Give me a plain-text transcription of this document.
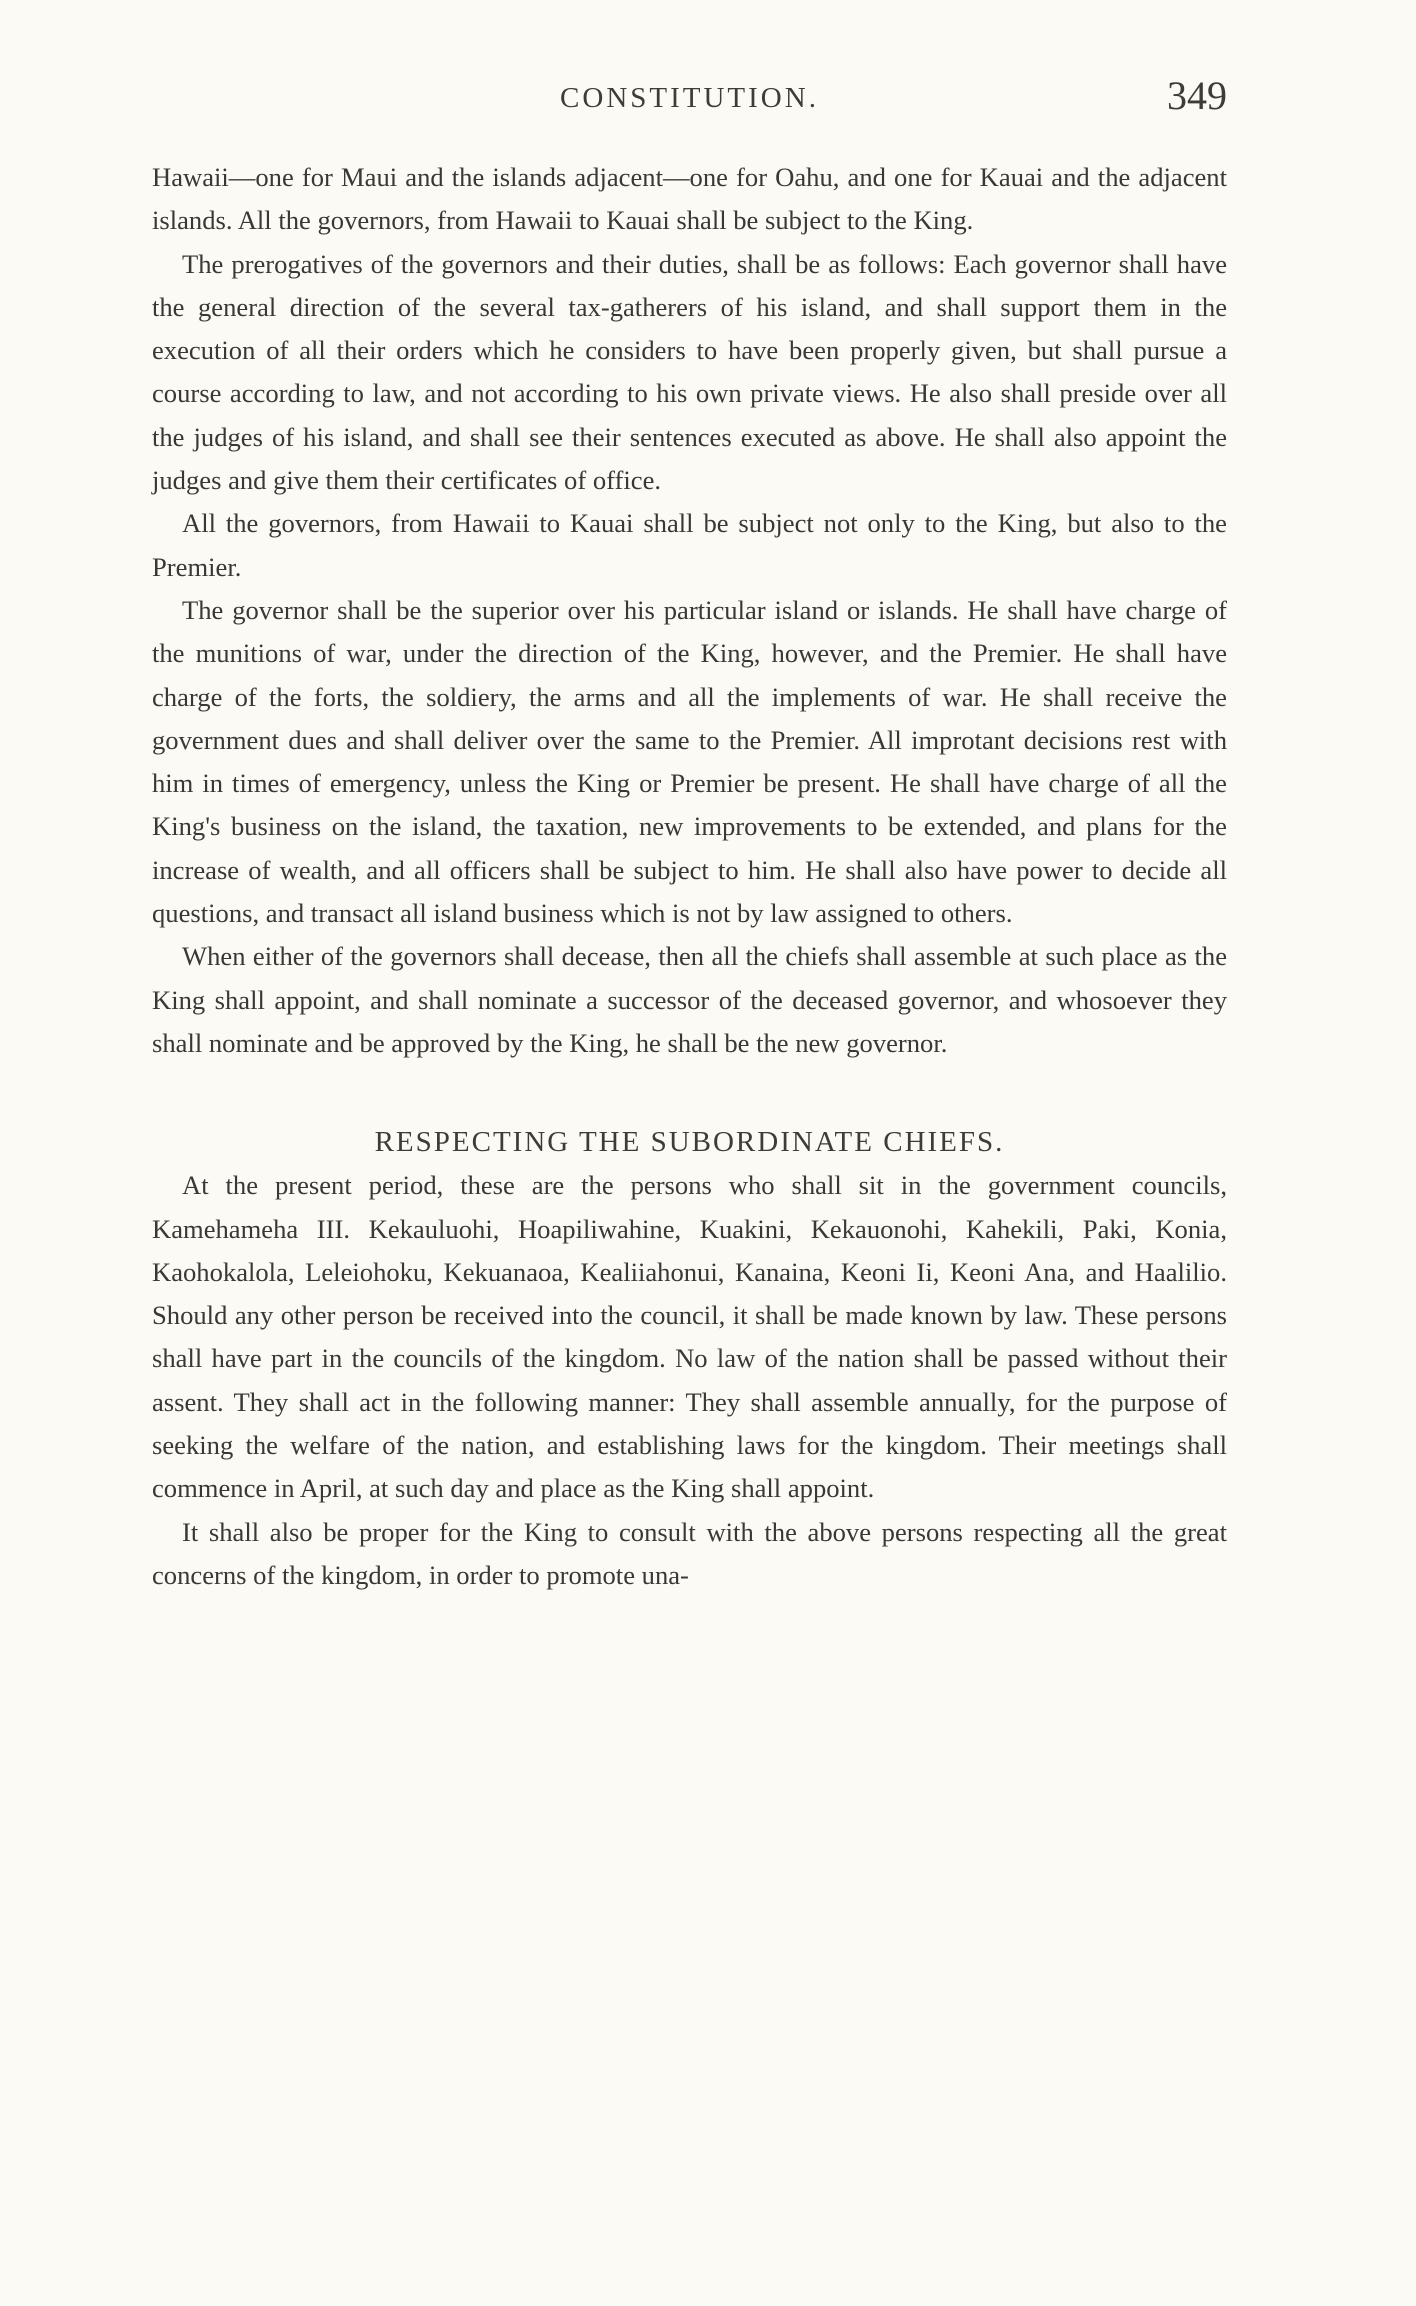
CONSTITUTION.	349

Hawaii—one for Maui and the islands adjacent—one for Oahu, and one for Kauai and the adjacent islands. All the governors, from Hawaii to Kauai shall be subject to the King.

The prerogatives of the governors and their duties, shall be as follows: Each governor shall have the general direction of the several tax-gatherers of his island, and shall support them in the execution of all their orders which he considers to have been properly given, but shall pursue a course according to law, and not according to his own private views. He also shall preside over all the judges of his island, and shall see their sentences executed as above. He shall also appoint the judges and give them their certificates of office.

All the governors, from Hawaii to Kauai shall be subject not only to the King, but also to the Premier.

The governor shall be the superior over his particular island or islands. He shall have charge of the munitions of war, under the direction of the King, however, and the Premier. He shall have charge of the forts, the soldiery, the arms and all the implements of war. He shall receive the government dues and shall deliver over the same to the Premier. All improtant decisions rest with him in times of emergency, unless the King or Premier be present. He shall have charge of all the King's business on the island, the taxation, new improvements to be extended, and plans for the increase of wealth, and all officers shall be subject to him. He shall also have power to decide all questions, and transact all island business which is not by law assigned to others.

When either of the governors shall decease, then all the chiefs shall assemble at such place as the King shall appoint, and shall nominate a successor of the deceased governor, and whosoever they shall nominate and be approved by the King, he shall be the new governor.

RESPECTING THE SUBORDINATE CHIEFS.

At the present period, these are the persons who shall sit in the government councils, Kamehameha III. Kekauluohi, Hoapiliwahine, Kuakini, Kekauonohi, Kahekili, Paki, Konia, Kaohokalola, Leleiohoku, Kekuanaoa, Kealiiahonui, Kanaina, Keoni Ii, Keoni Ana, and Haalilio. Should any other person be received into the council, it shall be made known by law. These persons shall have part in the councils of the kingdom. No law of the nation shall be passed without their assent. They shall act in the following manner: They shall assemble annually, for the purpose of seeking the welfare of the nation, and establishing laws for the kingdom. Their meetings shall commence in April, at such day and place as the King shall appoint.

It shall also be proper for the King to consult with the above persons respecting all the great concerns of the kingdom, in order to promote una-
